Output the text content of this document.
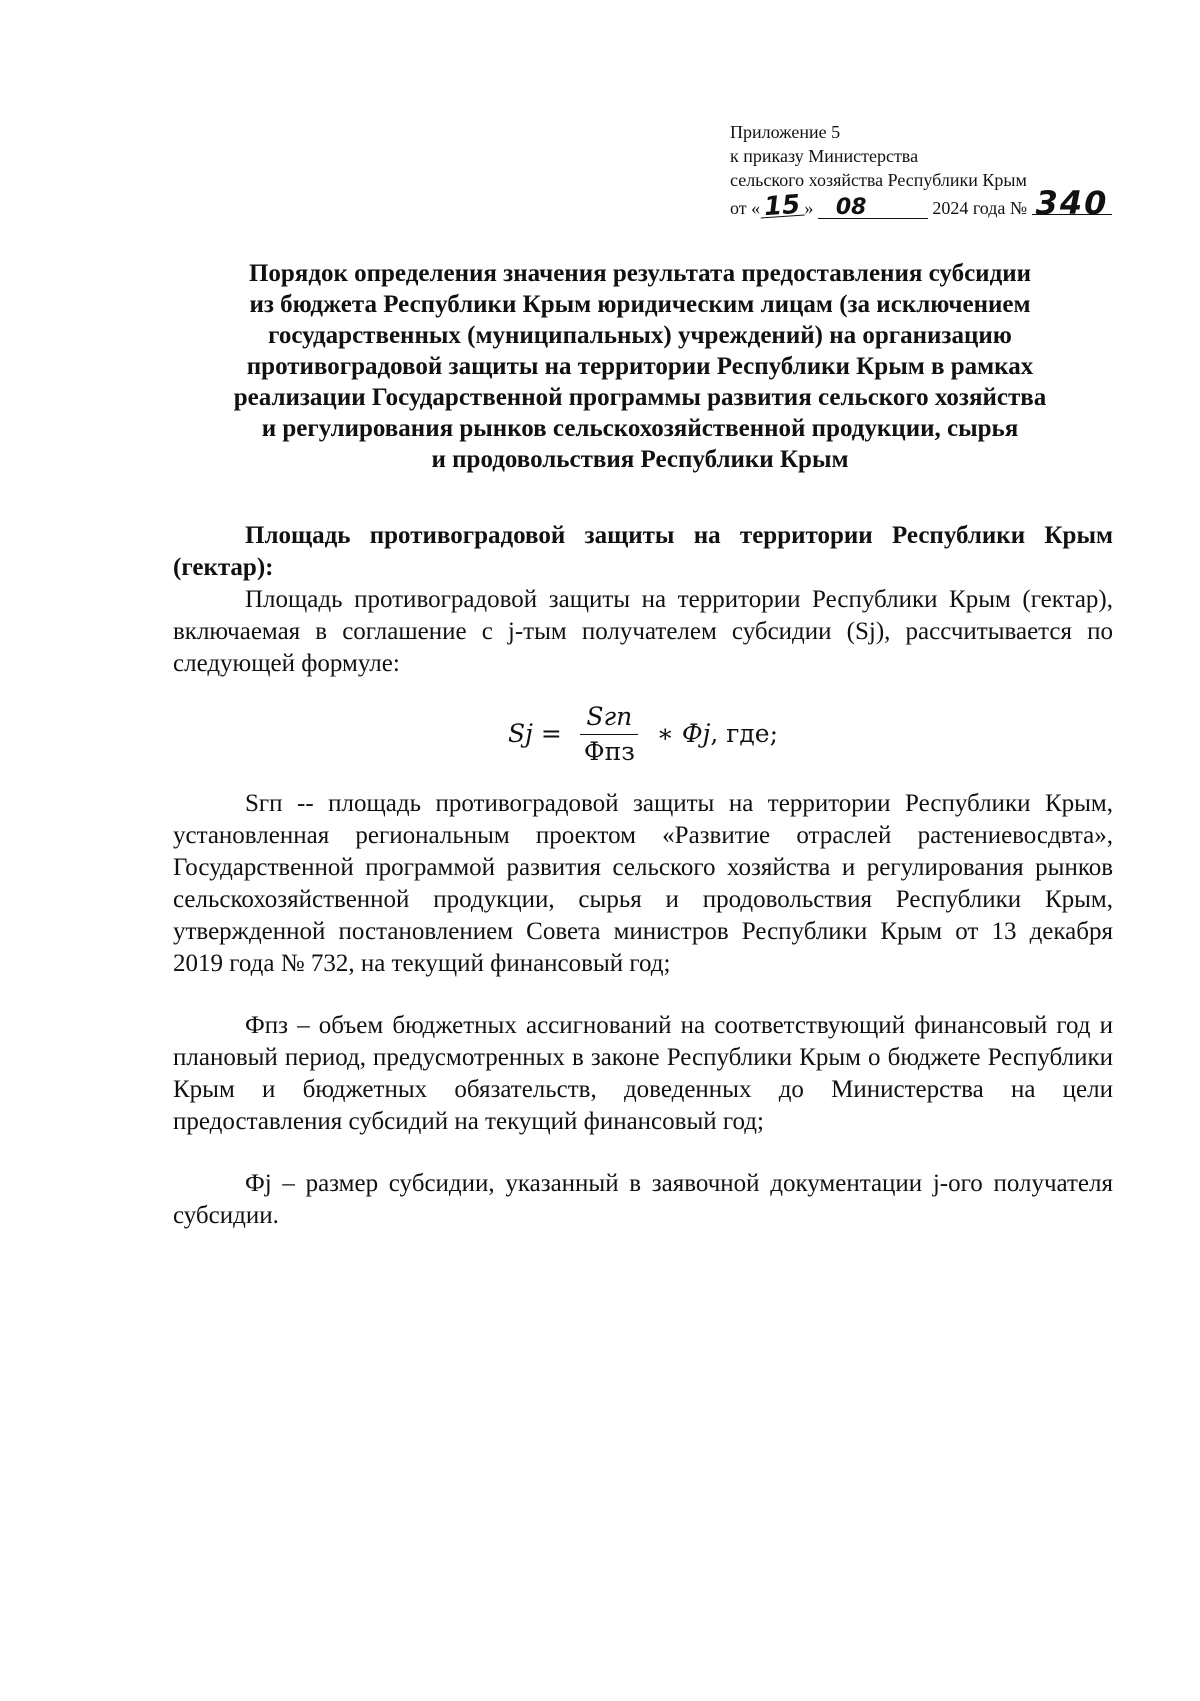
Приложение 5
к приказу Министерства
сельского хозяйства Республики Крым
от « 15 » 08	2024 года № 340
Порядок определения значения результата предоставления субсидии
из бюджета Республики Крым юридическим лицам (за исключением
государственных (муниципальных) учреждений) на организацию
противоградовой защиты на территории Республики Крым в рамках
реализации Государственной программы развития сельского хозяйства
и регулирования рынков сельскохозяйственной продукции, сырья
и продовольствия Республики Крым

Площадь противоградовой защиты на территории Республики Крым (гектар):

Площадь противоградовой защиты на территории Республики Крым (гектар), включаемая в соглашение с j-тым получателем субсидии (Sj), рассчитывается по следующей формуле:

$Sj = \frac{\text{Sгп}}{\text{Фпз}}$ ∗ Фj , где;

Sгп -- площадь противоградовой защиты на территории Республики Крым, установленная региональным проектом «Развитие отраслей растениевосдвта», Государственной программой развития сельского хозяйства и регулирования рынков сельскохозяйственной продукции, сырья и продовольствия Республики Крым, утвержденной постановлением Совета министров Республики Крым от 13 декабря 2019 года № 732, на текущий финансовый год;

Фпз – объем бюджетных ассигнований на соответствующий финансовый год и плановый период, предусмотренных в законе Республики Крым о бюджете Республики Крым и бюджетных обязательств, доведенных до Министерства на цели предоставления субсидий на текущий финансовый год;

Фj – размер субсидии, указанный в заявочной документации j-ого получателя субсидии.
